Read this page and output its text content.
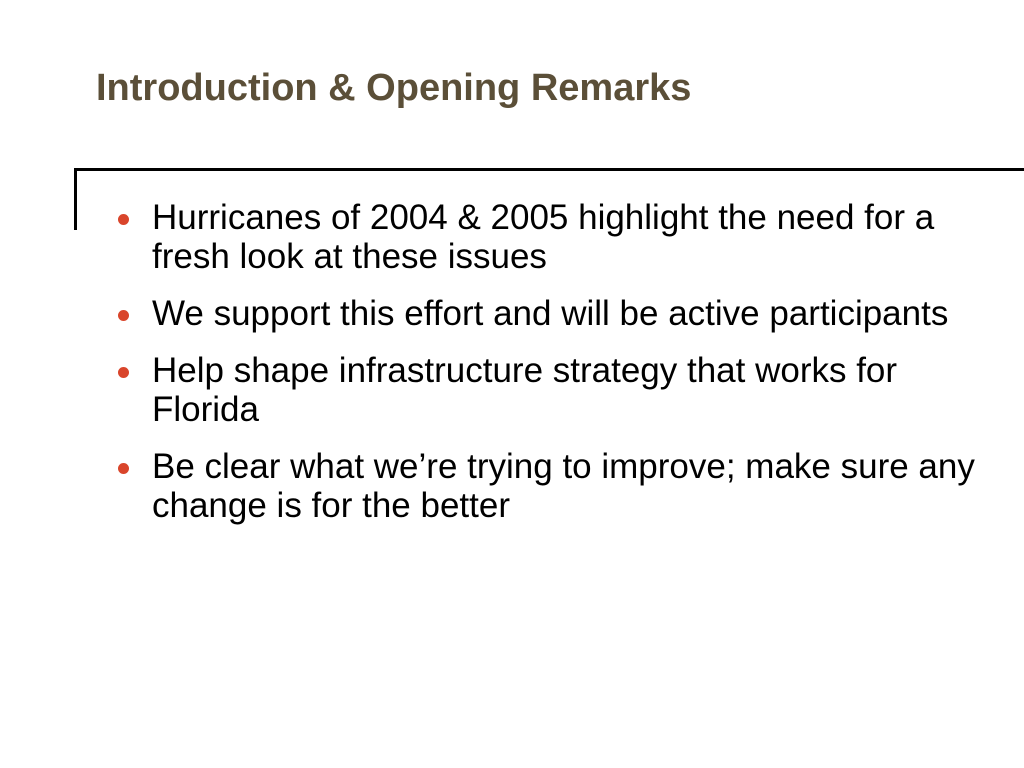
Introduction & Opening Remarks
Hurricanes of 2004 & 2005 highlight the need for a fresh look at these issues
We support this effort and will be active participants
Help shape infrastructure strategy that works for Florida
Be clear what we’re trying to improve; make sure any change is for the better
